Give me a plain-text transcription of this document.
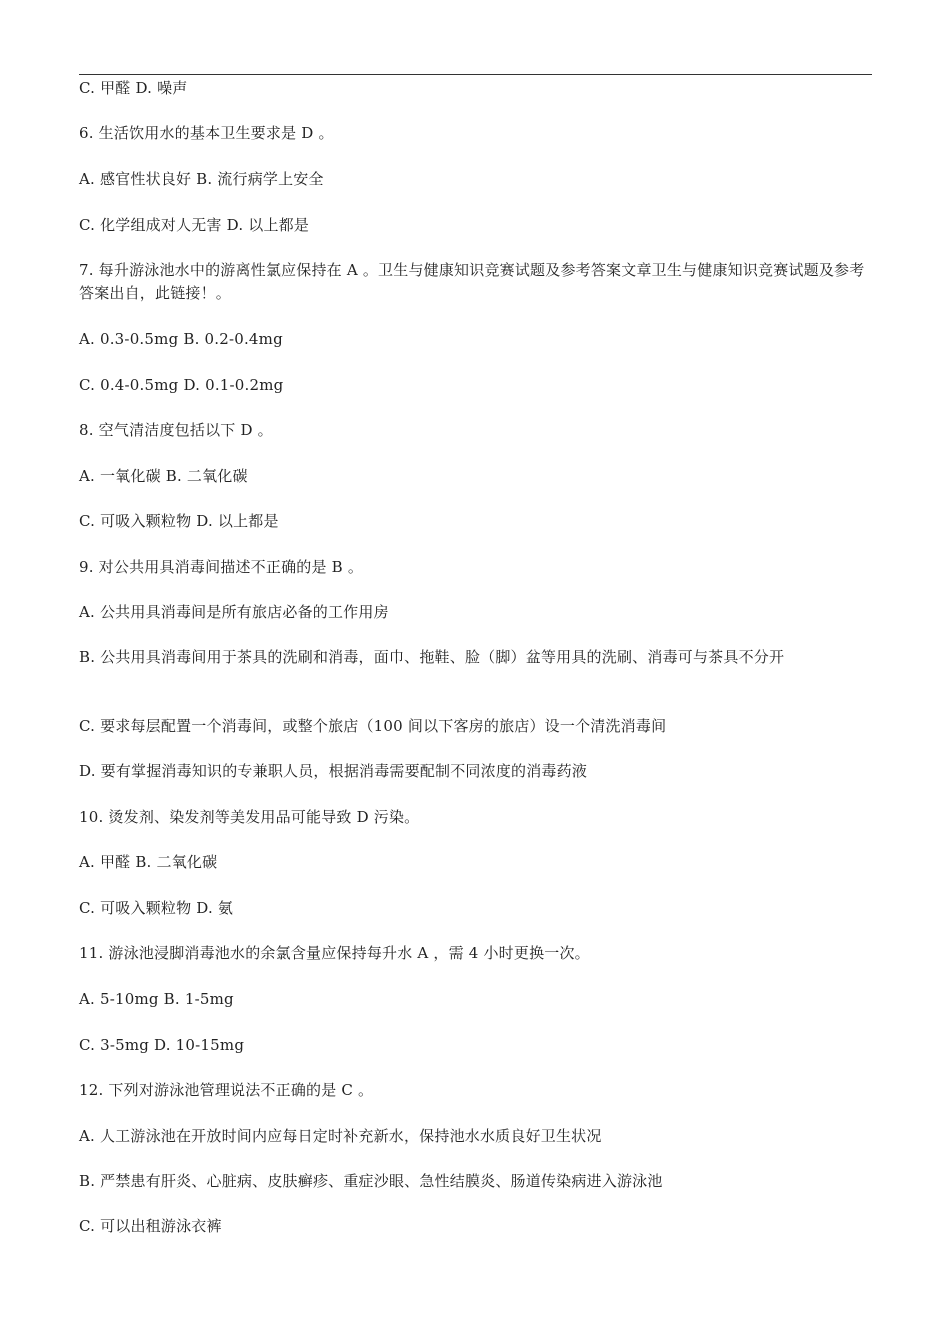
C. 甲醛 D. 噪声
6. 生活饮用水的基本卫生要求是 D 。
A. 感官性状良好 B. 流行病学上安全
C. 化学组成对人无害 D. 以上都是
7. 每升游泳池水中的游离性氯应保持在 A 。卫生与健康知识竞赛试题及参考答案文章卫生与健康知识竞赛试题及参考答案出自，此链接！。
A. 0.3-0.5mg B. 0.2-0.4mg
C. 0.4-0.5mg D. 0.1-0.2mg
8. 空气清洁度包括以下 D 。
A. 一氧化碳 B. 二氧化碳
C. 可吸入颗粒物 D. 以上都是
9. 对公共用具消毒间描述不正确的是 B 。
A. 公共用具消毒间是所有旅店必备的工作用房
B. 公共用具消毒间用于茶具的洗刷和消毒，面巾、拖鞋、脸（脚）盆等用具的洗刷、消毒可与茶具不分开
C. 要求每层配置一个消毒间，或整个旅店（100 间以下客房的旅店）设一个清洗消毒间
D. 要有掌握消毒知识的专兼职人员，根据消毒需要配制不同浓度的消毒药液
10. 烫发剂、染发剂等美发用品可能导致 D 污染。
A. 甲醛 B. 二氧化碳
C. 可吸入颗粒物 D. 氨
11. 游泳池浸脚消毒池水的余氯含量应保持每升水 A ，需 4 小时更换一次。
A. 5-10mg B. 1-5mg
C. 3-5mg D. 10-15mg
12. 下列对游泳池管理说法不正确的是 C 。
A. 人工游泳池在开放时间内应每日定时补充新水，保持池水水质良好卫生状况
B. 严禁患有肝炎、心脏病、皮肤癣疹、重症沙眼、急性结膜炎、肠道传染病进入游泳池
C. 可以出租游泳衣裤
